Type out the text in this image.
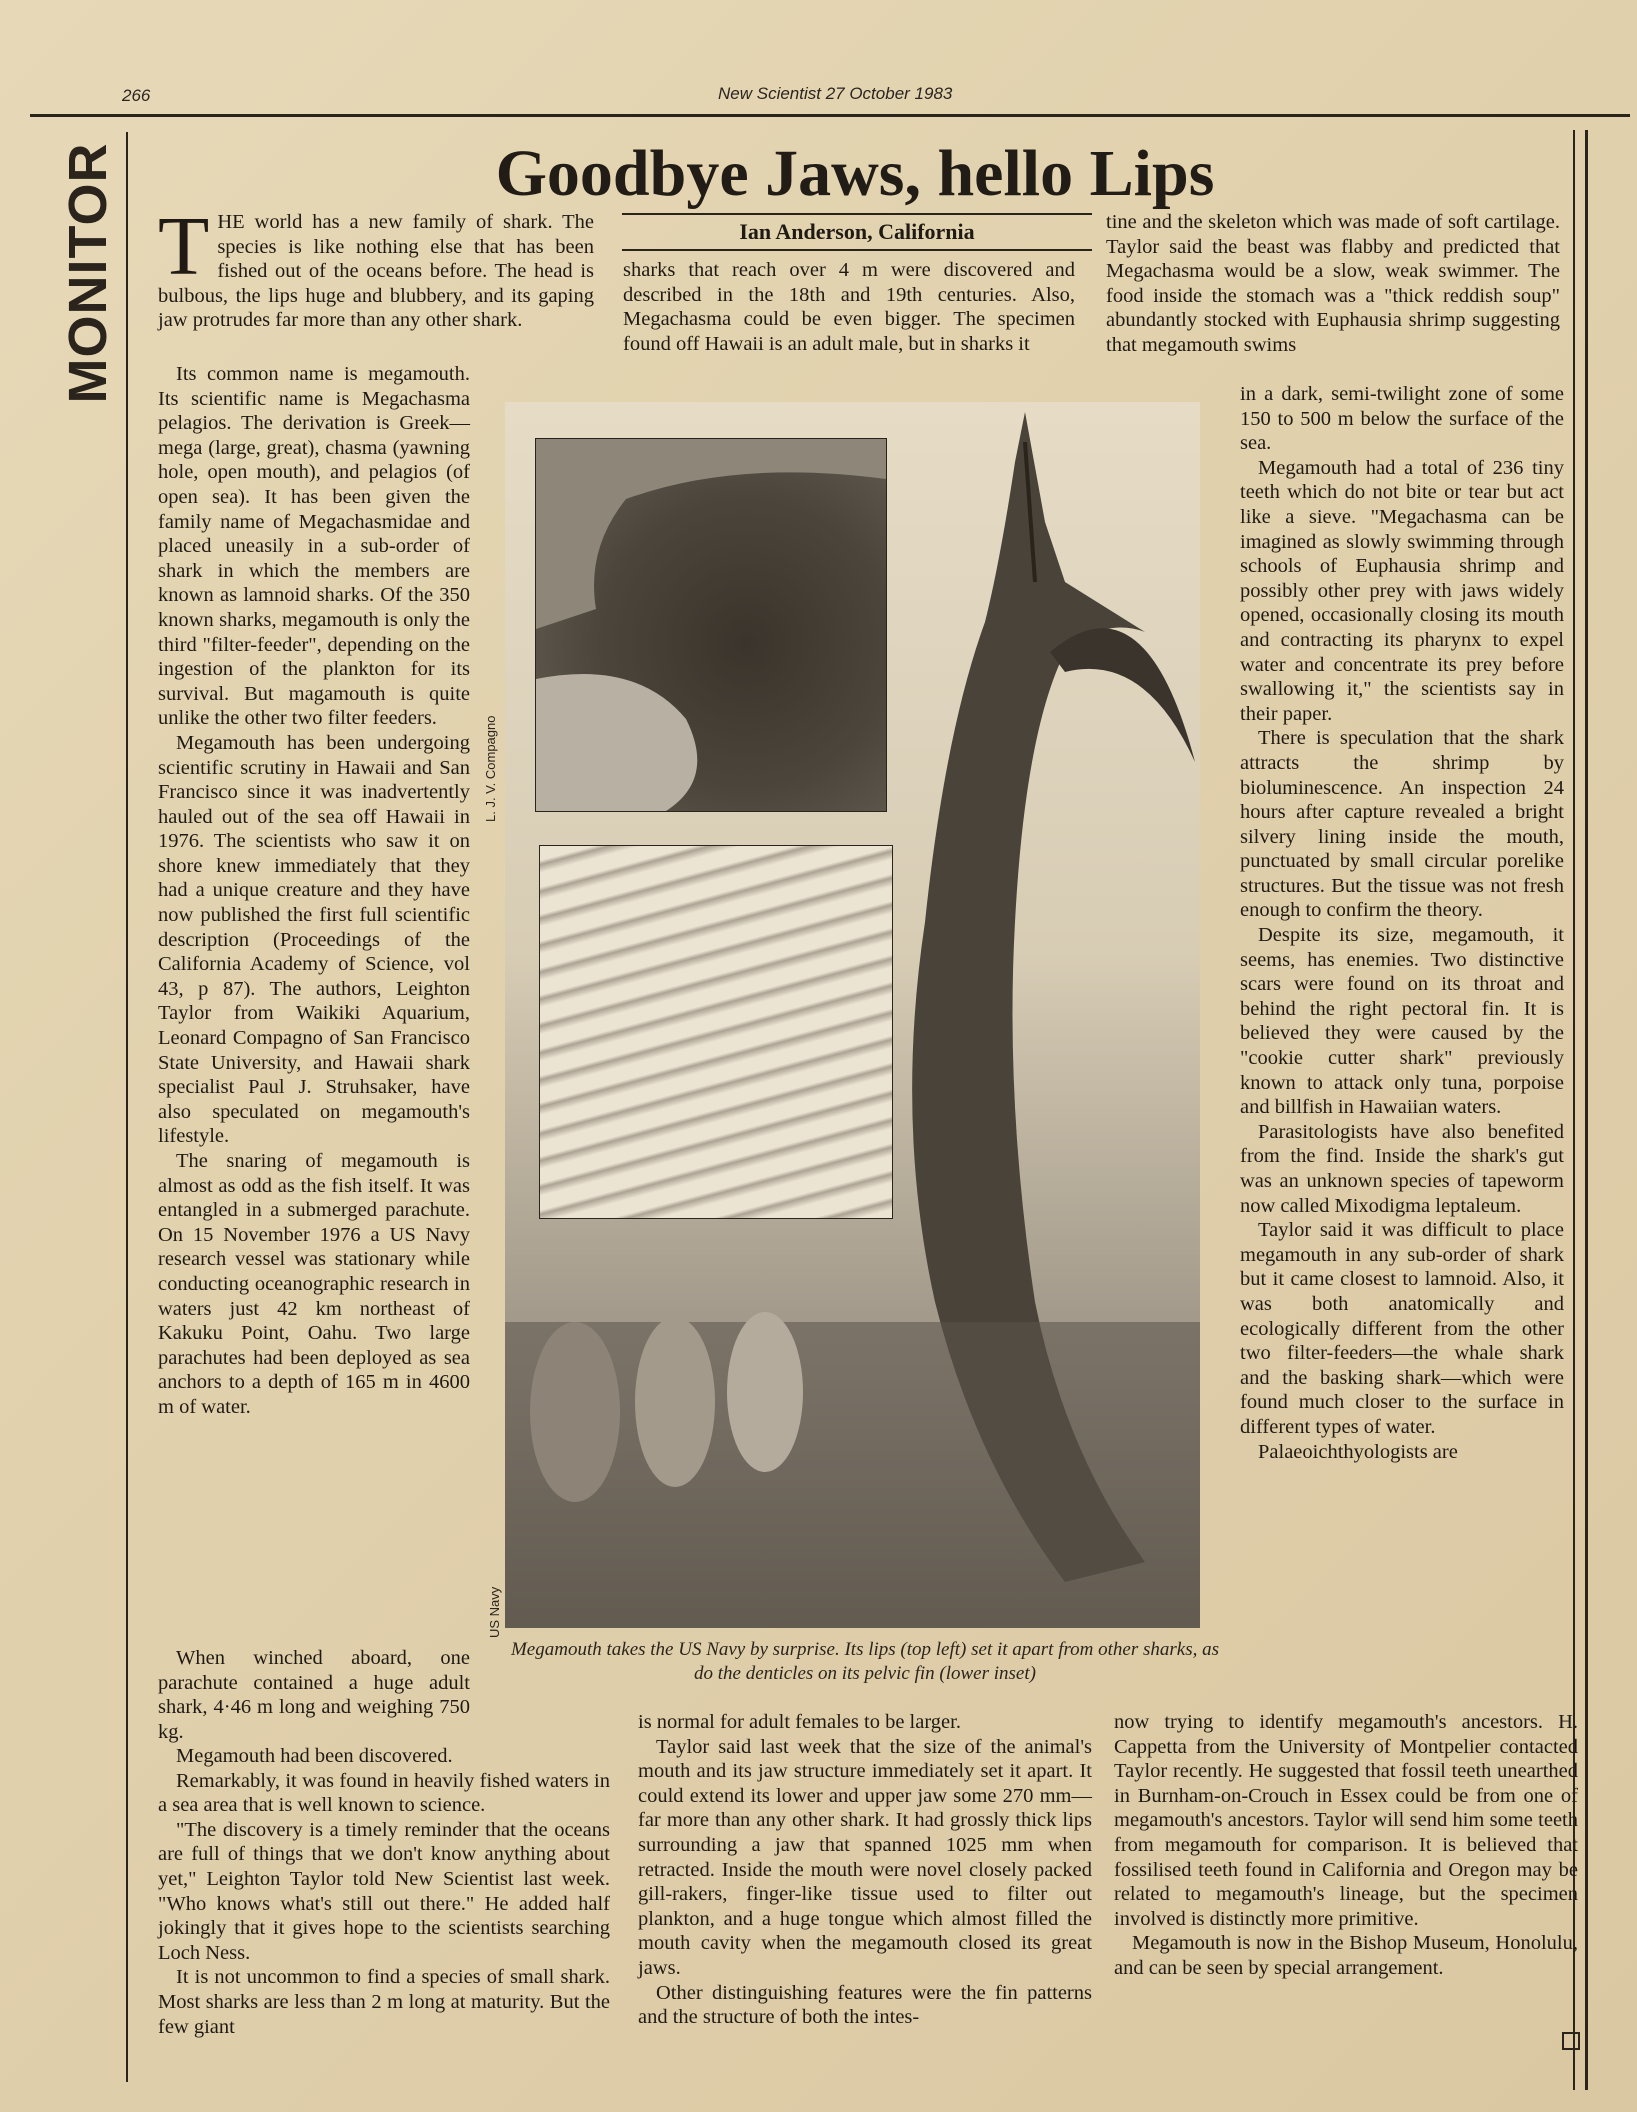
266	New Scientist 27 October 1983
MONITOR	Goodbye Jaws, hello Lips
Ian Anderson, California

THE world has a new family of shark. The species is like nothing else that has been fished out of the oceans before. The head is bulbous, the lips huge and blubbery, and its gaping jaw protrudes far more than any other shark.

Its common name is megamouth. Its scientific name is Megachasma pelagios. The derivation is Greek—mega (large, great), chasma (yawning hole, open mouth), and pelagios (of open sea). It has been given the family name of Megachasmidae and placed uneasily in a sub-order of shark in which the members are known as lamnoid sharks. Of the 350 known sharks, megamouth is only the third "filter-feeder", depending on the ingestion of the plankton for its survival. But magamouth is quite unlike the other two filter feeders.

Megamouth has been undergoing scientific scrutiny in Hawaii and San Francisco since it was inadvertently hauled out of the sea off Hawaii in 1976. The scientists who saw it on shore knew immediately that they had a unique creature and they have now published the first full scientific description (Proceedings of the California Academy of Science, vol 43, p 87). The authors, Leighton Taylor from Waikiki Aquarium, Leonard Compagno of San Francisco State University, and Hawaii shark specialist Paul J. Struhsaker, have also speculated on megamouth's lifestyle.

The snaring of megamouth is almost as odd as the fish itself. It was entangled in a submerged parachute. On 15 November 1976 a US Navy research vessel was stationary while conducting oceanographic research in waters just 42 km northeast of Kakuku Point, Oahu. Two large parachutes had been deployed as sea anchors to a depth of 165 m in 4600 m of water.

When winched aboard, one parachute contained a huge adult shark, 4·46 m long and weighing 750 kg.

Megamouth had been discovered.

Remarkably, it was found in heavily fished waters in a sea area that is well known to science.

"The discovery is a timely reminder that the oceans are full of things that we don't know anything about yet," Leighton Taylor told New Scientist last week. "Who knows what's still out there." He added half jokingly that it gives hope to the scientists searching Loch Ness.

It is not uncommon to find a species of small shark. Most sharks are less than 2 m long at maturity. But the few giant

sharks that reach over 4 m were discovered and described in the 18th and 19th centuries. Also, Megachasma could be even bigger. The specimen found off Hawaii is an adult male, but in sharks it

is normal for adult females to be larger.

Taylor said last week that the size of the animal's mouth and its jaw structure immediately set it apart. It could extend its lower and upper jaw some 270 mm—far more than any other shark. It had grossly thick lips surrounding a jaw that spanned 1025 mm when retracted. Inside the mouth were novel closely packed gill-rakers, finger-like tissue used to filter out plankton, and a huge tongue which almost filled the mouth cavity when the megamouth closed its great jaws.

Other distinguishing features were the fin patterns and the structure of both the intes-

tine and the skeleton which was made of soft cartilage. Taylor said the beast was flabby and predicted that Megachasma would be a slow, weak swimmer. The food inside the stomach was a "thick reddish soup" abundantly stocked with Euphausia shrimp suggesting that megamouth swims

in a dark, semi-twilight zone of some 150 to 500 m below the surface of the sea.

Megamouth had a total of 236 tiny teeth which do not bite or tear but act like a sieve. "Megachasma can be imagined as slowly swimming through schools of Euphausia shrimp and possibly other prey with jaws widely opened, occasionally closing its mouth and contracting its pharynx to expel water and concentrate its prey before swallowing it," the scientists say in their paper.

There is speculation that the shark attracts the shrimp by bioluminescence. An inspection 24 hours after capture revealed a bright silvery lining inside the mouth, punctuated by small circular porelike structures. But the tissue was not fresh enough to confirm the theory.

Despite its size, megamouth, it seems, has enemies. Two distinctive scars were found on its throat and behind the right pectoral fin. It is believed they were caused by the "cookie cutter shark" previously known to attack only tuna, porpoise and billfish in Hawaiian waters.

Parasitologists have also benefited from the find. Inside the shark's gut was an unknown species of tapeworm now called Mixodigma leptaleum.

Taylor said it was difficult to place megamouth in any sub-order of shark but it came closest to lamnoid. Also, it was both anatomically and ecologically different from the other two filter-feeders—the whale shark and the basking shark—which were found much closer to the surface in different types of water.

Palaeoichthyologists are

now trying to identify megamouth's ancestors. H. Cappetta from the University of Montpelier contacted Taylor recently. He suggested that fossil teeth unearthed in Burnham-on-Crouch in Essex could be from one of megamouth's ancestors. Taylor will send him some teeth from megamouth for comparison. It is believed that fossilised teeth found in California and Oregon may be related to megamouth's lineage, but the specimen involved is distinctly more primitive.

Megamouth is now in the Bishop Museum, Honolulu, and can be seen by special arrangement.

L. J. V. Compagno
US Navy
Megamouth takes the US Navy by surprise. Its lips (top left) set it apart from other sharks, as do the denticles on its pelvic fin (lower inset)
